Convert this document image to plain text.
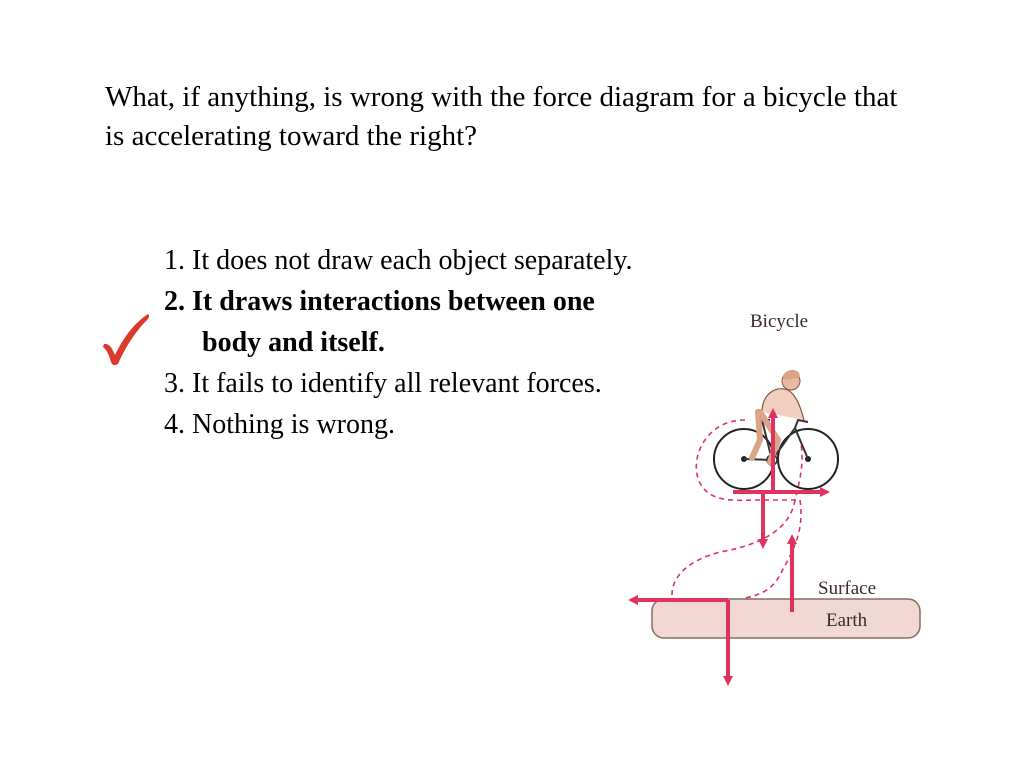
What, if anything, is wrong with the force diagram for a bicycle that is accelerating toward the right?

1. It does not draw each object separately.
2. It draws interactions between one body and itself.
3. It fails to identify all relevant forces.
4. Nothing is wrong.
Bicycle
Surface
Earth
